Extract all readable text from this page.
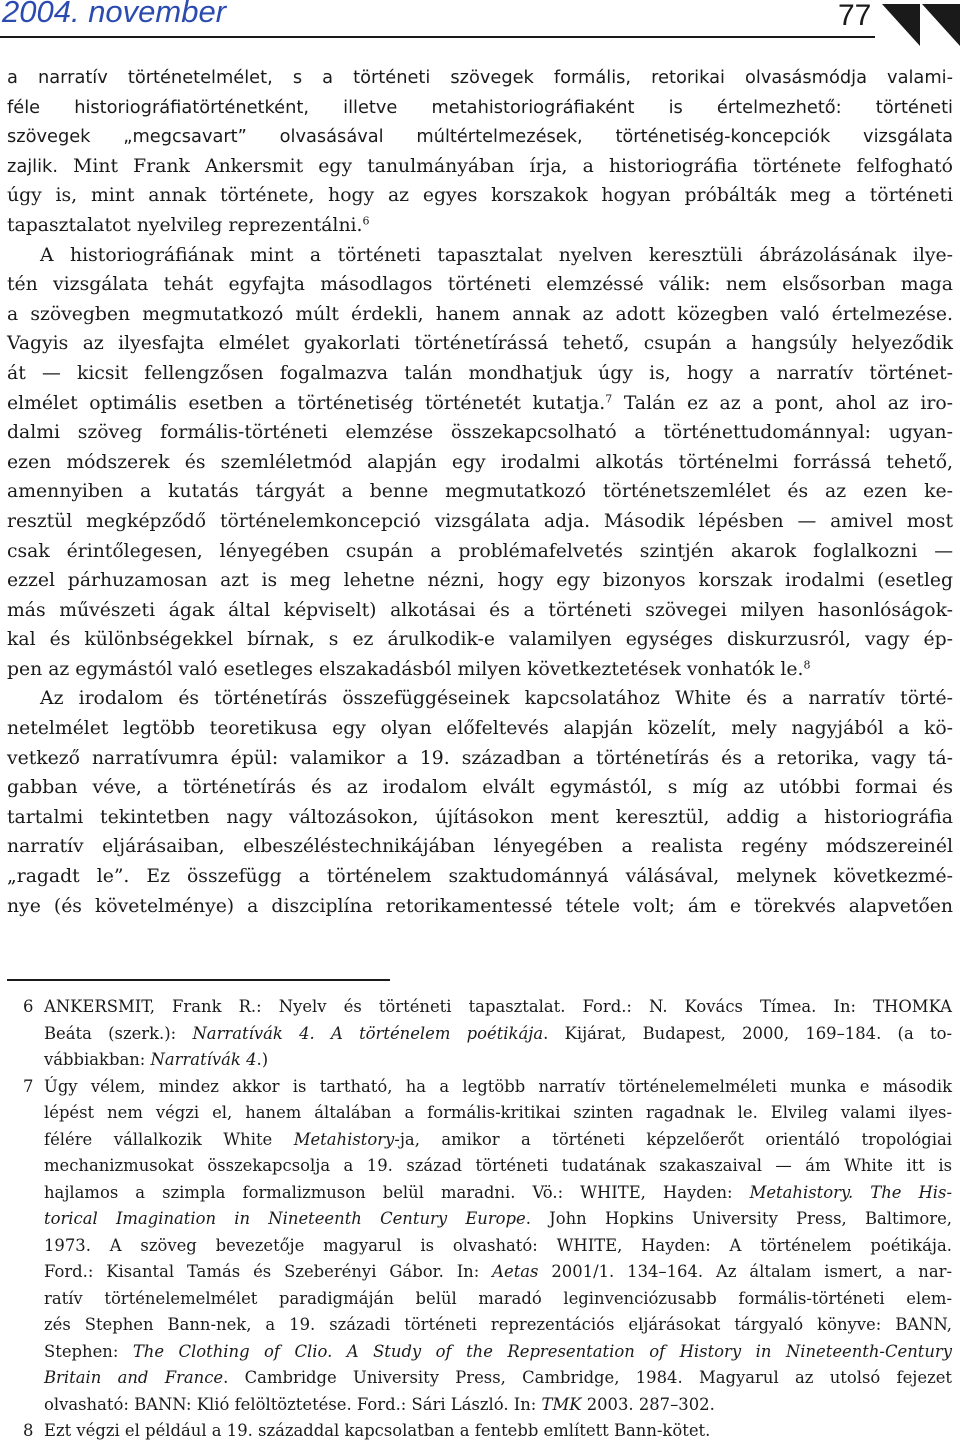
2004. november	77
a narratív történetelmélet, s a történeti szövegek formális, retorikai olvasásmódja valami-
féle historiográfiatörténetként, illetve metahistoriográfiaként is értelmezhető: történeti
szövegek „megcsavart” olvasásával múltértelmezések, történetiség-koncepciók vizsgálata
zajlik. Mint Frank Ankersmit egy tanulmányában írja, a historiográfia története felfogható
úgy is, mint annak története, hogy az egyes korszakok hogyan próbálták meg a történeti
tapasztalatot nyelvileg reprezentálni.$^6$
A historiográfiának mint a történeti tapasztalat nyelven keresztüli ábrázolásának ilye-
tén vizsgálata tehát egyfajta másodlagos történeti elemzéssé válik: nem elsősorban maga
a szövegben megmutatkozó múlt érdekli, hanem annak az adott közegben való értelmezése.
Vagyis az ilyesfajta elmélet gyakorlati történetírássá tehető, csupán a hangsúly helyeződik
át — kicsit fellengzősen fogalmazva talán mondhatjuk úgy is, hogy a narratív történet-
elmélet optimális esetben a történetiség történetét kutatja.$^7$ Talán ez az a pont, ahol az iro-
dalmi szöveg formális-történeti elemzése összekapcsolható a történettudománnyal: ugyan-
ezen módszerek és szemléletmód alapján egy irodalmi alkotás történelmi forrássá tehető,
amennyiben a kutatás tárgyát a benne megmutatkozó történetszemlélet és az ezen ke-
resztül megképződő történelemkoncepció vizsgálata adja. Második lépésben — amivel most
csak érintőlegesen, lényegében csupán a problémafelvetés szintjén akarok foglalkozni —
ezzel párhuzamosan azt is meg lehetne nézni, hogy egy bizonyos korszak irodalmi (esetleg
más művészeti ágak által képviselt) alkotásai és a történeti szövegei milyen hasonlóságok-
kal és különbségekkel bírnak, s ez árulkodik-e valamilyen egységes diskurzusról, vagy ép-
pen az egymástól való esetleges elszakadásból milyen következtetések vonhatók le.$^8$
Az irodalom és történetírás összefüggéseinek kapcsolatához White és a narratív törté-
netelmélet legtöbb teoretikusa egy olyan előfeltevés alapján közelít, mely nagyjából a kö-
vetkező narratívumra épül: valamikor a 19. században a történetírás és a retorika, vagy tá-
gabban véve, a történetírás és az irodalom elvált egymástól, s míg az utóbbi formai és
tartalmi tekintetben nagy változásokon, újításokon ment keresztül, addig a historiográfia
narratív eljárásaiban, elbeszéléstechnikájában lényegében a realista regény módszereinél
„ragadt le”. Ez összefügg a történelem szaktudománnyá válásával, melynek következmé-
nye (és követelménye) a diszciplína retorikamentessé tétele volt; ám e törekvés alapvetően
6 ANKERSMIT, Frank R.: Nyelv és történeti tapasztalat. Ford.: N. Kovács Tímea. In: THOMKA
Beáta (szerk.): Narratívák 4. A történelem poétikája. Kijárat, Budapest, 2000, 169–184. (a to-
vábbiakban: Narratívák 4.)
7 Úgy vélem, mindez akkor is tartható, ha a legtöbb narratív történelemelméleti munka e második
lépést nem végzi el, hanem általában a formális-kritikai szinten ragadnak le. Elvileg valami ilyes-
félére vállalkozik White Metahistory-ja, amikor a történeti képzelőerőt orientáló tropológiai
mechanizmusokat összekapcsolja a 19. század történeti tudatának szakaszaival — ám White itt is
hajlamos a szimpla formalizmuson belül maradni. Vö.: WHITE, Hayden: Metahistory. The His-
torical Imagination in Nineteenth Century Europe. John Hopkins University Press, Baltimore,
1973. A szöveg bevezetője magyarul is olvasható: WHITE, Hayden: A történelem poétikája.
Ford.: Kisantal Tamás és Szeberényi Gábor. In: Aetas 2001/1. 134–164. Az általam ismert, a nar-
ratív történelemelmélet paradigmáján belül maradó leginvenciózusabb formális-történeti elem-
zés Stephen Bann-nek, a 19. századi történeti reprezentációs eljárásokat tárgyaló könyve: BANN,
Stephen: The Clothing of Clio. A Study of the Representation of History in Nineteenth-Century
Britain and France. Cambridge University Press, Cambridge, 1984. Magyarul az utolsó fejezet
olvasható: BANN: Klió felöltöztetése. Ford.: Sári László. In: TMK 2003. 287–302.
8 Ezt végzi el például a 19. századdal kapcsolatban a fentebb említett Bann-kötet.
